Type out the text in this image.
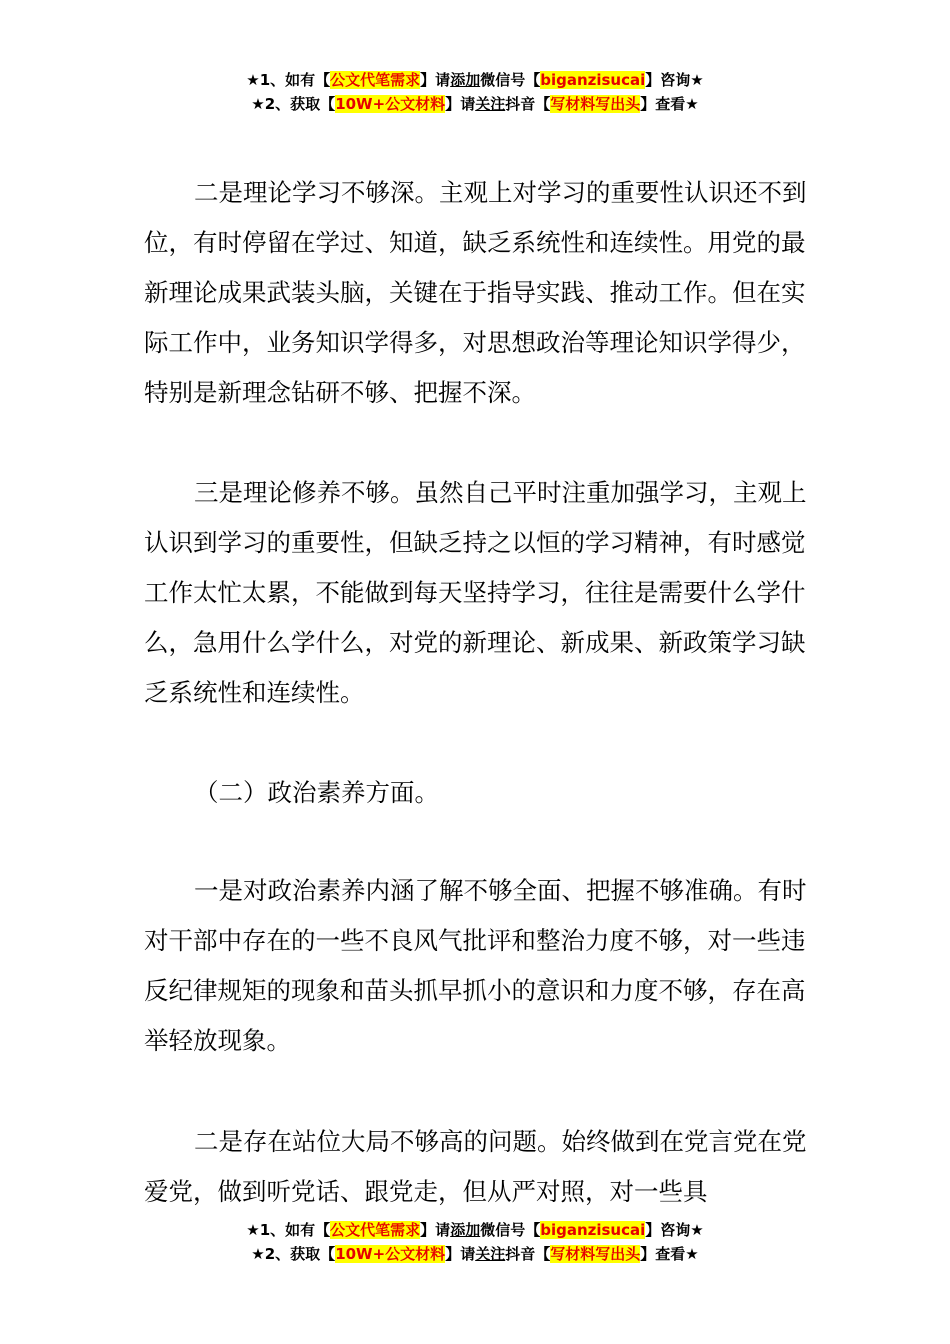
★1、如有【公文代笔需求】请添加微信号【biganzisucai】咨询★
★2、获取【10W+公文材料】请关注抖音【写材料写出头】查看★

二是理论学习不够深。主观上对学习的重要性认识还不到位，有时停留在学过、知道，缺乏系统性和连续性。用党的最新理论成果武装头脑，关键在于指导实践、推动工作。但在实际工作中，业务知识学得多，对思想政治等理论知识学得少，特别是新理念钻研不够、把握不深。

三是理论修养不够。虽然自己平时注重加强学习，主观上认识到学习的重要性，但缺乏持之以恒的学习精神，有时感觉工作太忙太累，不能做到每天坚持学习，往往是需要什么学什么，急用什么学什么，对党的新理论、新成果、新政策学习缺乏系统性和连续性。

（二）政治素养方面。

一是对政治素养内涵了解不够全面、把握不够准确。有时对干部中存在的一些不良风气批评和整治力度不够，对一些违反纪律规矩的现象和苗头抓早抓小的意识和力度不够，存在高举轻放现象。

二是存在站位大局不够高的问题。始终做到在党言党在党爱党，做到听党话、跟党走，但从严对照，对一些具

★1、如有【公文代笔需求】请添加微信号【biganzisucai】咨询★
★2、获取【10W+公文材料】请关注抖音【写材料写出头】查看★
